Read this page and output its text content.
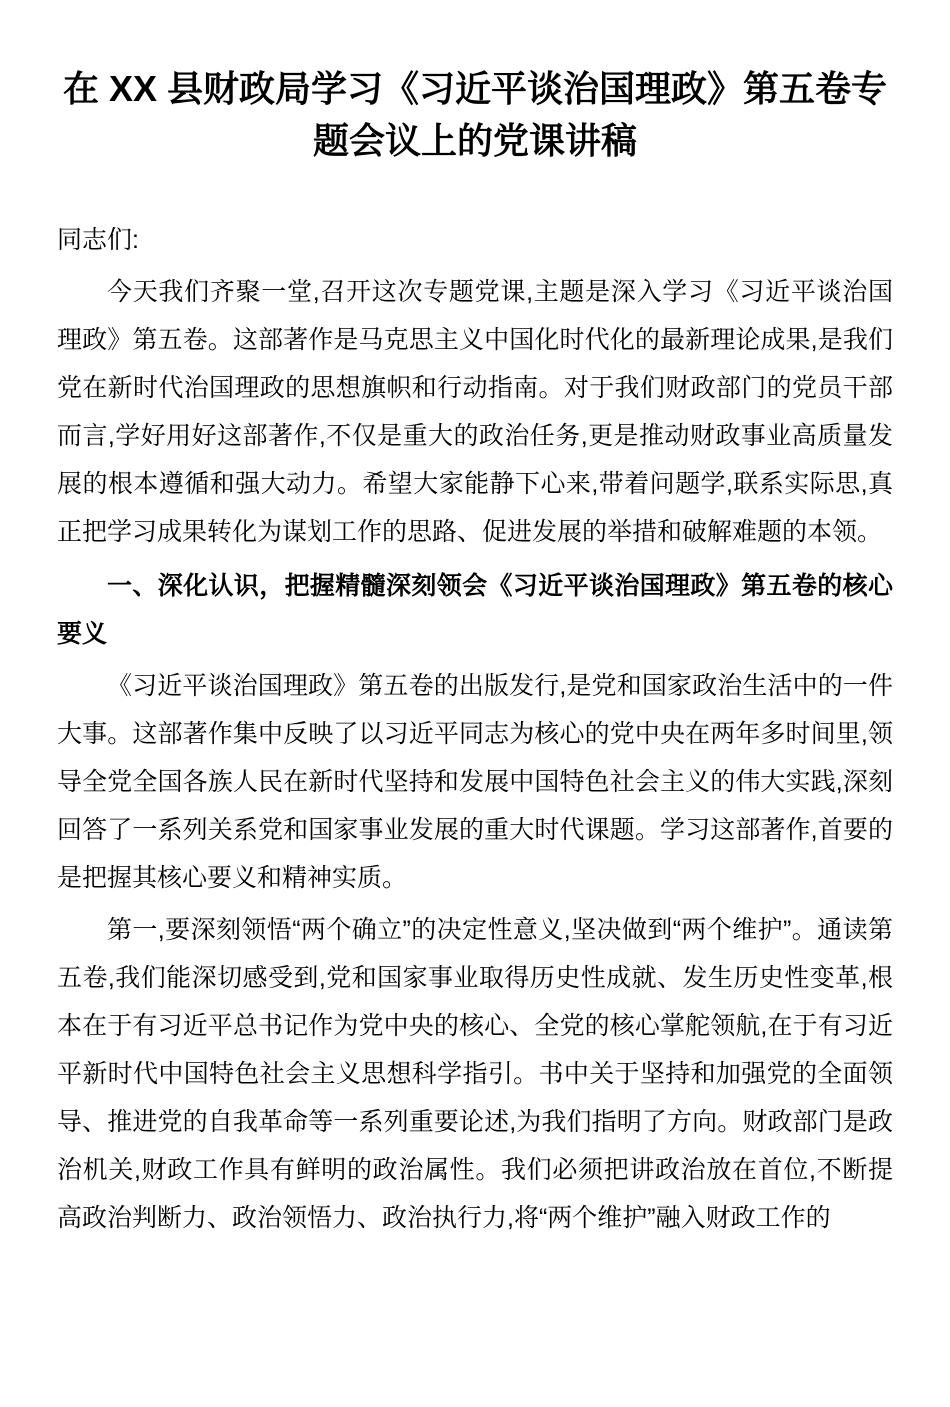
在 XX 县财政局学习《习近平谈治国理政》第五卷专题会议上的党课讲稿

同志们:

今天我们齐聚一堂,召开这次专题党课,主题是深入学习《习近平谈治国理政》第五卷。这部著作是马克思主义中国化时代化的最新理论成果,是我们党在新时代治国理政的思想旗帜和行动指南。对于我们财政部门的党员干部而言,学好用好这部著作,不仅是重大的政治任务,更是推动财政事业高质量发展的根本遵循和强大动力。希望大家能静下心来,带着问题学,联系实际思,真正把学习成果转化为谋划工作的思路、促进发展的举措和破解难题的本领。

一、深化认识，把握精髓深刻领会《习近平谈治国理政》第五卷的核心要义

《习近平谈治国理政》第五卷的出版发行,是党和国家政治生活中的一件大事。这部著作集中反映了以习近平同志为核心的党中央在两年多时间里,领导全党全国各族人民在新时代坚持和发展中国特色社会主义的伟大实践,深刻回答了一系列关系党和国家事业发展的重大时代课题。学习这部著作,首要的是把握其核心要义和精神实质。

第一,要深刻领悟“两个确立”的决定性意义,坚决做到“两个维护”。通读第五卷,我们能深切感受到,党和国家事业取得历史性成就、发生历史性变革,根本在于有习近平总书记作为党中央的核心、全党的核心掌舵领航,在于有习近平新时代中国特色社会主义思想科学指引。书中关于坚持和加强党的全面领导、推进党的自我革命等一系列重要论述,为我们指明了方向。财政部门是政治机关,财政工作具有鲜明的政治属性。我们必须把讲政治放在首位,不断提高政治判断力、政治领悟力、政治执行力,将“两个维护”融入财政工作的
